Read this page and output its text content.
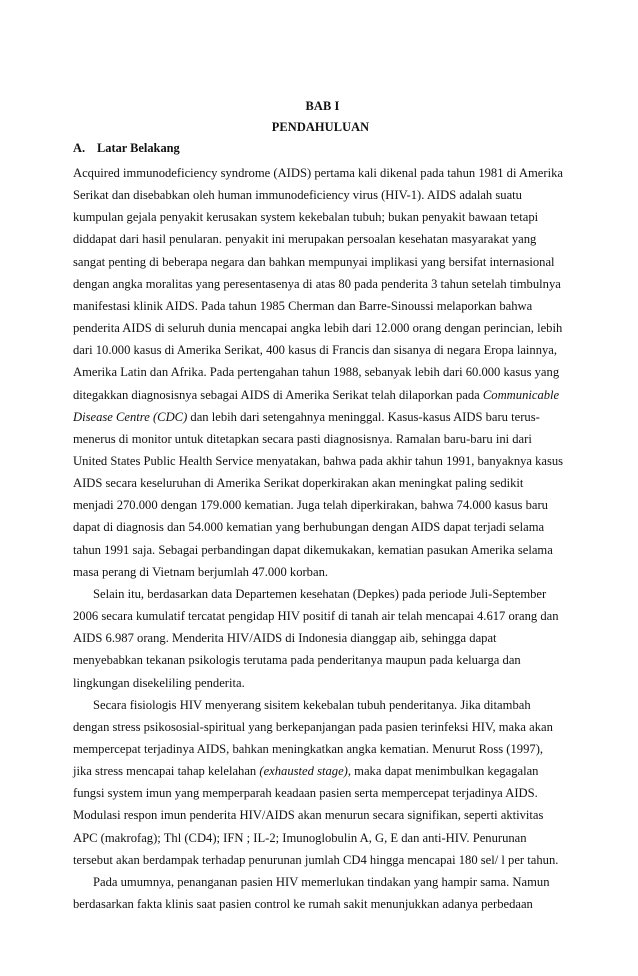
BAB I
PENDAHULUAN
A. Latar Belakang
Acquired immunodeficiency syndrome (AIDS) pertama kali dikenal pada tahun 1981 di Amerika
Serikat dan disebabkan oleh human immunodeficiency virus (HIV-1). AIDS adalah suatu
kumpulan gejala penyakit kerusakan system kekebalan tubuh; bukan penyakit bawaan tetapi
diddapat dari hasil penularan. penyakit ini merupakan persoalan kesehatan masyarakat yang
sangat penting di beberapa negara dan bahkan mempunyai implikasi yang bersifat internasional
dengan angka moralitas yang peresentasenya di atas 80 pada penderita 3 tahun setelah timbulnya
manifestasi klinik AIDS. Pada tahun 1985 Cherman dan Barre-Sinoussi melaporkan bahwa
penderita AIDS di seluruh dunia mencapai angka lebih dari 12.000 orang dengan perincian, lebih
dari 10.000 kasus di Amerika Serikat, 400 kasus di Francis dan sisanya di negara Eropa lainnya,
Amerika Latin dan Afrika. Pada pertengahan tahun 1988, sebanyak lebih dari 60.000 kasus yang
ditegakkan diagnosisnya sebagai AIDS di Amerika Serikat telah dilaporkan pada Communicable
Disease Centre (CDC) dan lebih dari setengahnya meninggal. Kasus-kasus AIDS baru terus-
menerus di monitor untuk ditetapkan secara pasti diagnosisnya. Ramalan baru-baru ini dari
United States Public Health Service menyatakan, bahwa pada akhir tahun 1991, banyaknya kasus
AIDS secara keseluruhan di Amerika Serikat doperkirakan akan meningkat paling sedikit
menjadi 270.000 dengan 179.000 kematian. Juga telah diperkirakan, bahwa 74.000 kasus baru
dapat di diagnosis dan 54.000 kematian yang berhubungan dengan AIDS dapat terjadi selama
tahun 1991 saja. Sebagai perbandingan dapat dikemukakan, kematian pasukan Amerika selama
masa perang di Vietnam berjumlah 47.000 korban.
Selain itu, berdasarkan data Departemen kesehatan (Depkes) pada periode Juli-September
2006 secara kumulatif tercatat pengidap HIV positif di tanah air telah mencapai 4.617 orang dan
AIDS 6.987 orang. Menderita HIV/AIDS di Indonesia dianggap aib, sehingga dapat
menyebabkan tekanan psikologis terutama pada penderitanya maupun pada keluarga dan
lingkungan disekeliling penderita.
Secara fisiologis HIV menyerang sisitem kekebalan tubuh penderitanya. Jika ditambah
dengan stress psikososial-spiritual yang berkepanjangan pada pasien terinfeksi HIV, maka akan
mempercepat terjadinya AIDS, bahkan meningkatkan angka kematian. Menurut Ross (1997),
jika stress mencapai tahap kelelahan (exhausted stage), maka dapat menimbulkan kegagalan
fungsi system imun yang memperparah keadaan pasien serta mempercepat terjadinya AIDS.
Modulasi respon imun penderita HIV/AIDS akan menurun secara signifikan, seperti aktivitas
APC (makrofag); Thl (CD4); IFN ; IL-2; Imunoglobulin A, G, E dan anti-HIV. Penurunan
tersebut akan berdampak terhadap penurunan jumlah CD4 hingga mencapai 180 sel/ l per tahun.
Pada umumnya, penanganan pasien HIV memerlukan tindakan yang hampir sama. Namun
berdasarkan fakta klinis saat pasien control ke rumah sakit menunjukkan adanya perbedaan
